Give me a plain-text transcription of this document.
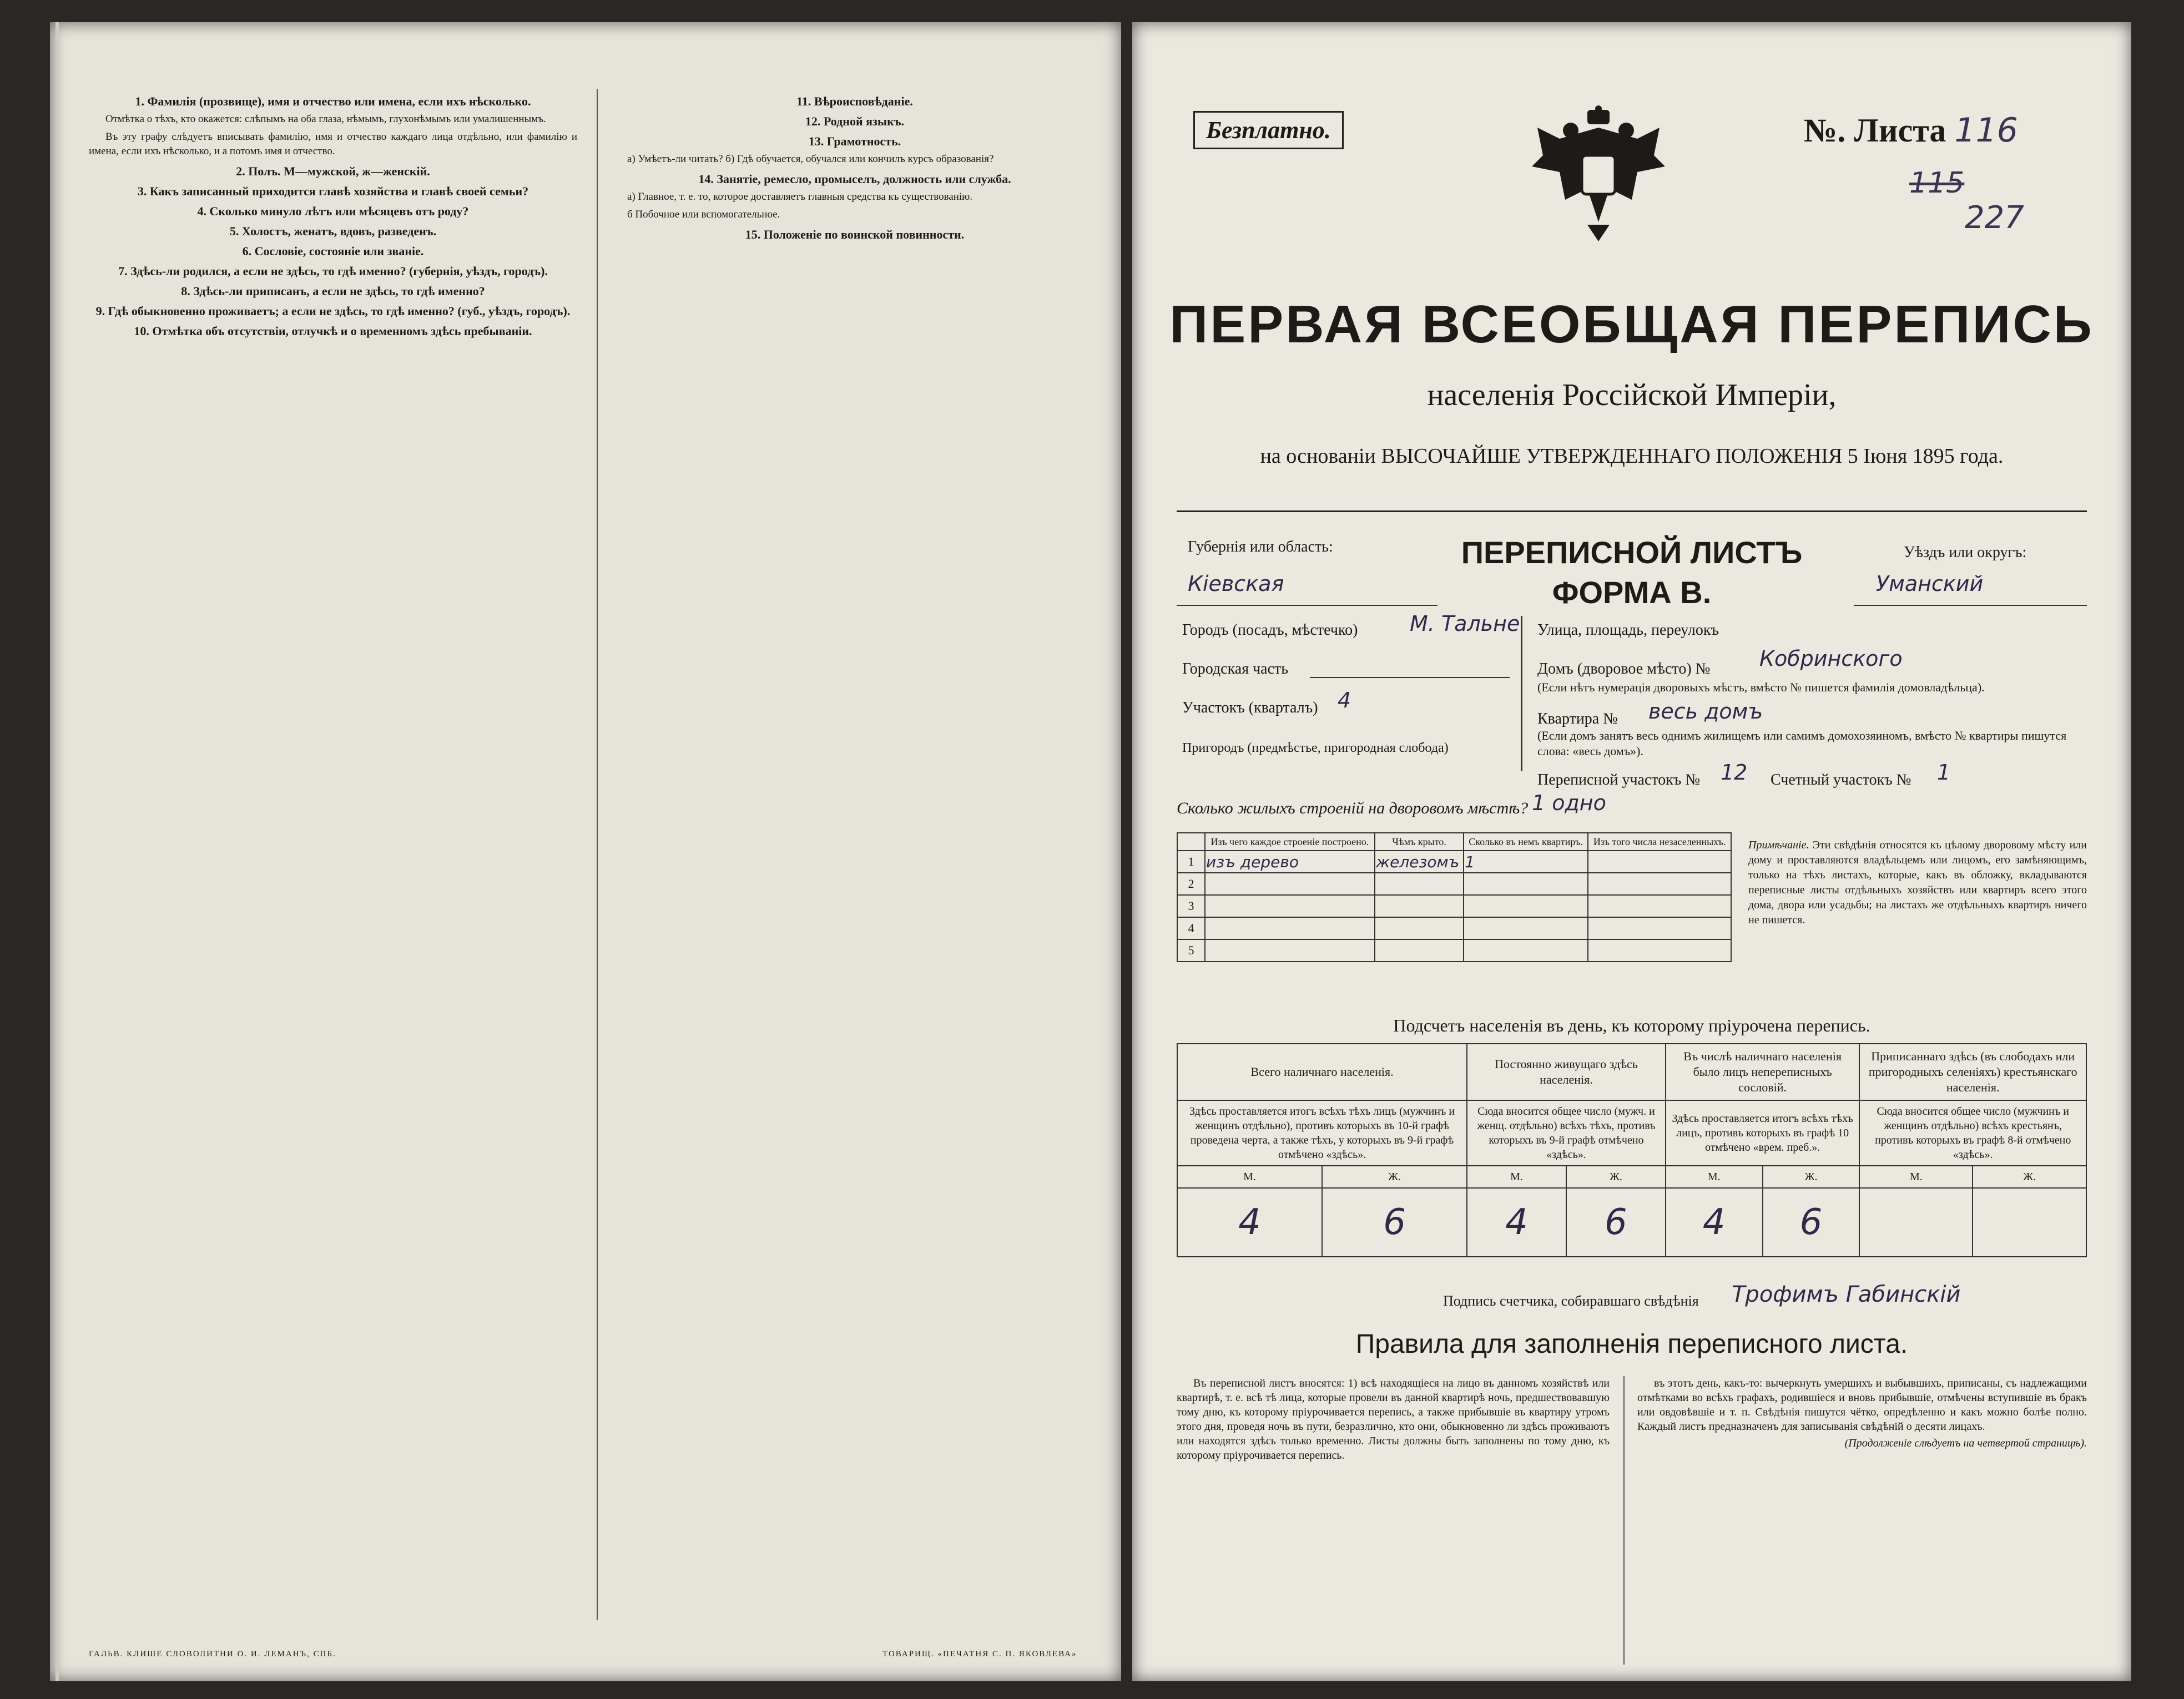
1. Фамилія (прозвище), имя и отчество или имена, если ихъ нѣсколько.

Отмѣтка о тѣхъ, кто окажется: слѣпымъ на оба глаза, нѣмымъ, глухонѣмымъ или умалишеннымъ.

Въ эту графу слѣдуетъ вписывать фамилію, имя и отчество каждаго лица отдѣльно, или фамилію и имена, если ихъ нѣсколько, и а потомъ имя и отчество.

2. Полъ. М—мужской, ж—женскій.
3. Какъ записанный приходится главѣ хозяйства и главѣ своей семьи?
4. Сколько минуло лѣтъ или мѣсяцевъ отъ роду?
5. Холостъ, женатъ, вдовъ, разведенъ.
6. Сословіе, состояніе или званіе.
7. Здѣсь-ли родился, а если не здѣсь, то гдѣ именно? (губернія, уѣздъ, городъ).
8. Здѣсь-ли приписанъ, а если не здѣсь, то гдѣ именно?
9. Гдѣ обыкновенно проживаетъ; а если не здѣсь, то гдѣ именно? (губ., уѣздъ, городъ).
10. Отмѣтка объ отсутствіи, отлучкѣ и о временномъ здѣсь пребываніи.
11. Вѣроисповѣданіе.
12. Родной языкъ.
13. Грамотность.

а) Умѣетъ-ли читать? б) Гдѣ обучается, обучался или кончилъ курсъ образованія?

14. Занятіе, ремесло, промыселъ, должность или служба.

а) Главное, т. е. то, которое доставляетъ главныя средства къ существованію.

б Побочное или вспомогательное.

15. Положеніе по воинской повинности.
ГАЛЬВ. КЛИШЕ СЛОВОЛИТНИ О. И. ЛЕМАНЪ, СПБ.	ТОВАРИЩ. «ПЕЧАТНЯ С. П. ЯКОВЛЕВА»
Безплатно.	№. Листа 116
115
227
ПЕРВАЯ ВСЕОБЩАЯ ПЕРЕПИСЬ
населенія Россійской Имперіи,
на основаніи ВЫСОЧАЙШЕ УТВЕРЖДЕННАГО ПОЛОЖЕНІЯ 5 Іюня 1895 года.
ПЕРЕПИСНОЙ ЛИСТЪ
ФОРМА В.
Губернія или область:
Кіевская
Уѣздъ или округъ:
Уманский
Городъ (посадъ, мѣстечко) М. Тальне
Городская часть
Участокъ (кварталъ) 4
Пригородъ (предмѣстье, пригородная слобода)
Улица, площадь, переулокъ
Домъ (дворовое мѣсто) № Кобринского
(Если нѣтъ нумерація дворовыхъ мѣстъ, вмѣсто № пишется фамилія домовладѣльца).
Квартира № весь домъ
(Если домъ занятъ весь однимъ жилищемъ или самимъ домохозяиномъ, вмѣсто № квартиры пишутся слова: «весь домъ»).
Переписной участокъ № 12 Счетный участокъ № 1
Сколько жилыхъ строеній на дворовомъ мѣстѣ? 1 одно
	Изъ чего каждое строеніе построено.	Чѣмъ крыто.	Сколько въ немъ квартиръ.	Изъ того числа незаселенныхъ.
1	изъ дерево	железомъ	1	
2				
3				
4				
5				
Примѣчаніе. Эти свѣдѣнія относятся къ цѣлому дворовому мѣсту или дому и проставляются владѣльцемъ или лицомъ, его замѣняющимъ, только на тѣхъ листахъ, которые, какъ въ обложку, вкладываются переписные листы отдѣльныхъ хозяйствъ или квартиръ всего этого дома, двора или усадьбы; на листахъ же отдѣльныхъ квартиръ ничего не пишется.
Подсчетъ населенія въ день, къ которому пріурочена перепись.
Всего наличнаго населенія.		Постоянно живущаго здѣсь населенія.		Въ числѣ наличнаго населенія было лицъ непереписныхъ сословій.		Приписаннаго здѣсь (въ слободахъ или пригородныхъ селеніяхъ) крестьянскаго населенія.	
Здѣсь проставляется итогъ всѣхъ тѣхъ лицъ (мужчинъ и женщинъ отдѣльно), противъ которыхъ въ 10-й графѣ проведена черта, а также тѣхъ, у которыхъ въ 9-й графѣ отмѣчено «здѣсь».		Сюда вносится общее число (мужч. и женщ. отдѣльно) всѣхъ тѣхъ, противъ которыхъ въ 9-й графѣ отмѣчено «здѣсь».		Здѣсь проставляется итогъ всѣхъ тѣхъ лицъ, противъ которыхъ въ графѣ 10 отмѣчено «врем. преб.».		Сюда вносится общее число (мужчинъ и женщинъ отдѣльно) всѣхъ крестьянъ, противъ которыхъ въ графѣ 8-й отмѣчено «здѣсь».	
М.	Ж.	М.	Ж.	М.	Ж.	М.	Ж.
4	6	4	6	4	6		
Подпись счетчика, собиравшаго свѣдѣнія Трофимъ Габинскiй
Правила для заполненія переписного листа.

Въ переписной листъ вносятся: 1) всѣ находящіеся на лицо въ данномъ хозяйствѣ или квартирѣ, т. е. всѣ тѣ лица, которые провели въ данной квартирѣ ночь, предшествовавшую тому дню, къ которому пріурочивается перепись, а также прибывшіе въ квартиру утромъ этого дня, проведя ночь въ пути, безразлично, кто они, обыкновенно ли здѣсь проживаютъ или находятся здѣсь только временно. Листы должны быть заполнены по тому дню, къ которому пріурочивается перепись.

въ этотъ день, какъ-то: вычеркнуть умершихъ и выбывшихъ, приписаны, съ надлежащими отмѣтками во всѣхъ графахъ, родившіеся и вновь прибывшіе, отмѣчены вступившіе въ бракъ или овдовѣвшіе и т. п. Свѣдѣнія пишутся чётко, опредѣленно и какъ можно болѣе полно. Каждый листъ предназначенъ для записыванія свѣдѣній о десяти лицахъ.

(Продолженіе слѣдуетъ на четвертой страницѣ).
